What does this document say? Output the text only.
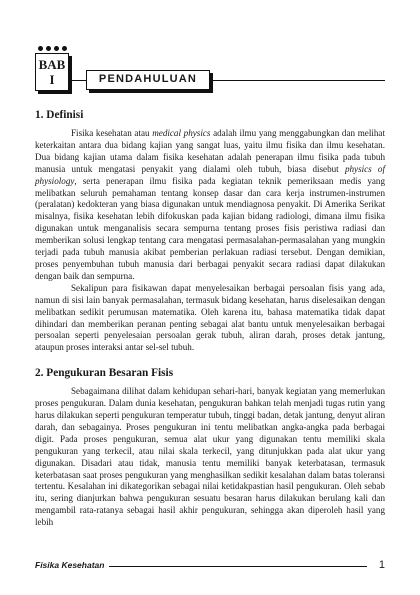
BAB
I	PENDAHULUAN
1. Definisi

Fisika kesehatan atau medical physics adalah ilmu yang menggabungkan dan melihat keterkaitan antara dua bidang kajian yang sangat luas, yaitu ilmu fisika dan ilmu kesehatan. Dua bidang kajian utama dalam fisika kesehatan adalah penerapan ilmu fisika pada tubuh manusia untuk mengatasi penyakit yang dialami oleh tubuh, biasa disebut physics of physiology, serta penerapan ilmu fisika pada kegiatan teknik pemeriksaan medis yang melibatkan seluruh pemahaman tentang konsep dasar dan cara kerja instrumen-instrumen (peralatan) kedokteran yang biasa digunakan untuk mendiagnosa penyakit. Di Amerika Serikat misalnya, fisika kesehatan lebih difokuskan pada kajian bidang radiologi, dimana ilmu fisika digunakan untuk menganalisis secara sempurna tentang proses fisis peristiwa radiasi dan memberikan solusi lengkap tentang cara mengatasi permasalahan-permasalahan yang mungkin terjadi pada tubuh manusia akibat pemberian perlakuan radiasi tersebut. Dengan demikian, proses penyembuhan tubuh manusia dari berbagai penyakit secara radiasi dapat dilakukan dengan baik dan sempurna.

Sekalipun para fisikawan dapat menyelesaikan berbagai persoalan fisis yang ada, namun di sisi lain banyak permasalahan, termasuk bidang kesehatan, harus diselesaikan dengan melibatkan sedikit perumusan matematika. Oleh karena itu, bahasa matematika tidak dapat dihindari dan memberikan peranan penting sebagai alat bantu untuk menyelesaikan berbagai persoalan seperti penyelesaian persoalan gerak tubuh, aliran darah, proses detak jantung, ataupun proses interaksi antar sel-sel tubuh.

2. Pengukuran Besaran Fisis

Sebagaimana dilihat dalam kehidupan sehari-hari, banyak kegiatan yang memerlukan proses pengukuran. Dalam dunia kesehatan, pengukuran bahkan telah menjadi tugas rutin yang harus dilakukan seperti pengukuran temperatur tubuh, tinggi badan, detak jantung, denyut aliran darah, dan sebagainya. Proses pengukuran ini tentu melibatkan angka-angka pada berbagai digit. Pada proses pengukuran, semua alat ukur yang digunakan tentu memiliki skala pengukuran yang terkecil, atau nilai skala terkecil, yang ditunjukkan pada alat ukur yang digunakan. Disadari atau tidak, manusia tentu memiliki banyak keterbatasan, termasuk keterbatasan saat proses pengukuran yang menghasilkan sedikit kesalahan dalam batas toleransi tertentu. Kesalahan ini dikategorikan sebagai nilai ketidakpastian hasil pengukuran. Oleh sebab itu, sering dianjurkan bahwa pengukuran sesuatu besaran harus dilakukan berulang kali dan mengambil rata-ratanya sebagai hasil akhir pengukuran, sehingga akan diperoleh hasil yang lebih

Fisika Kesehatan	1
